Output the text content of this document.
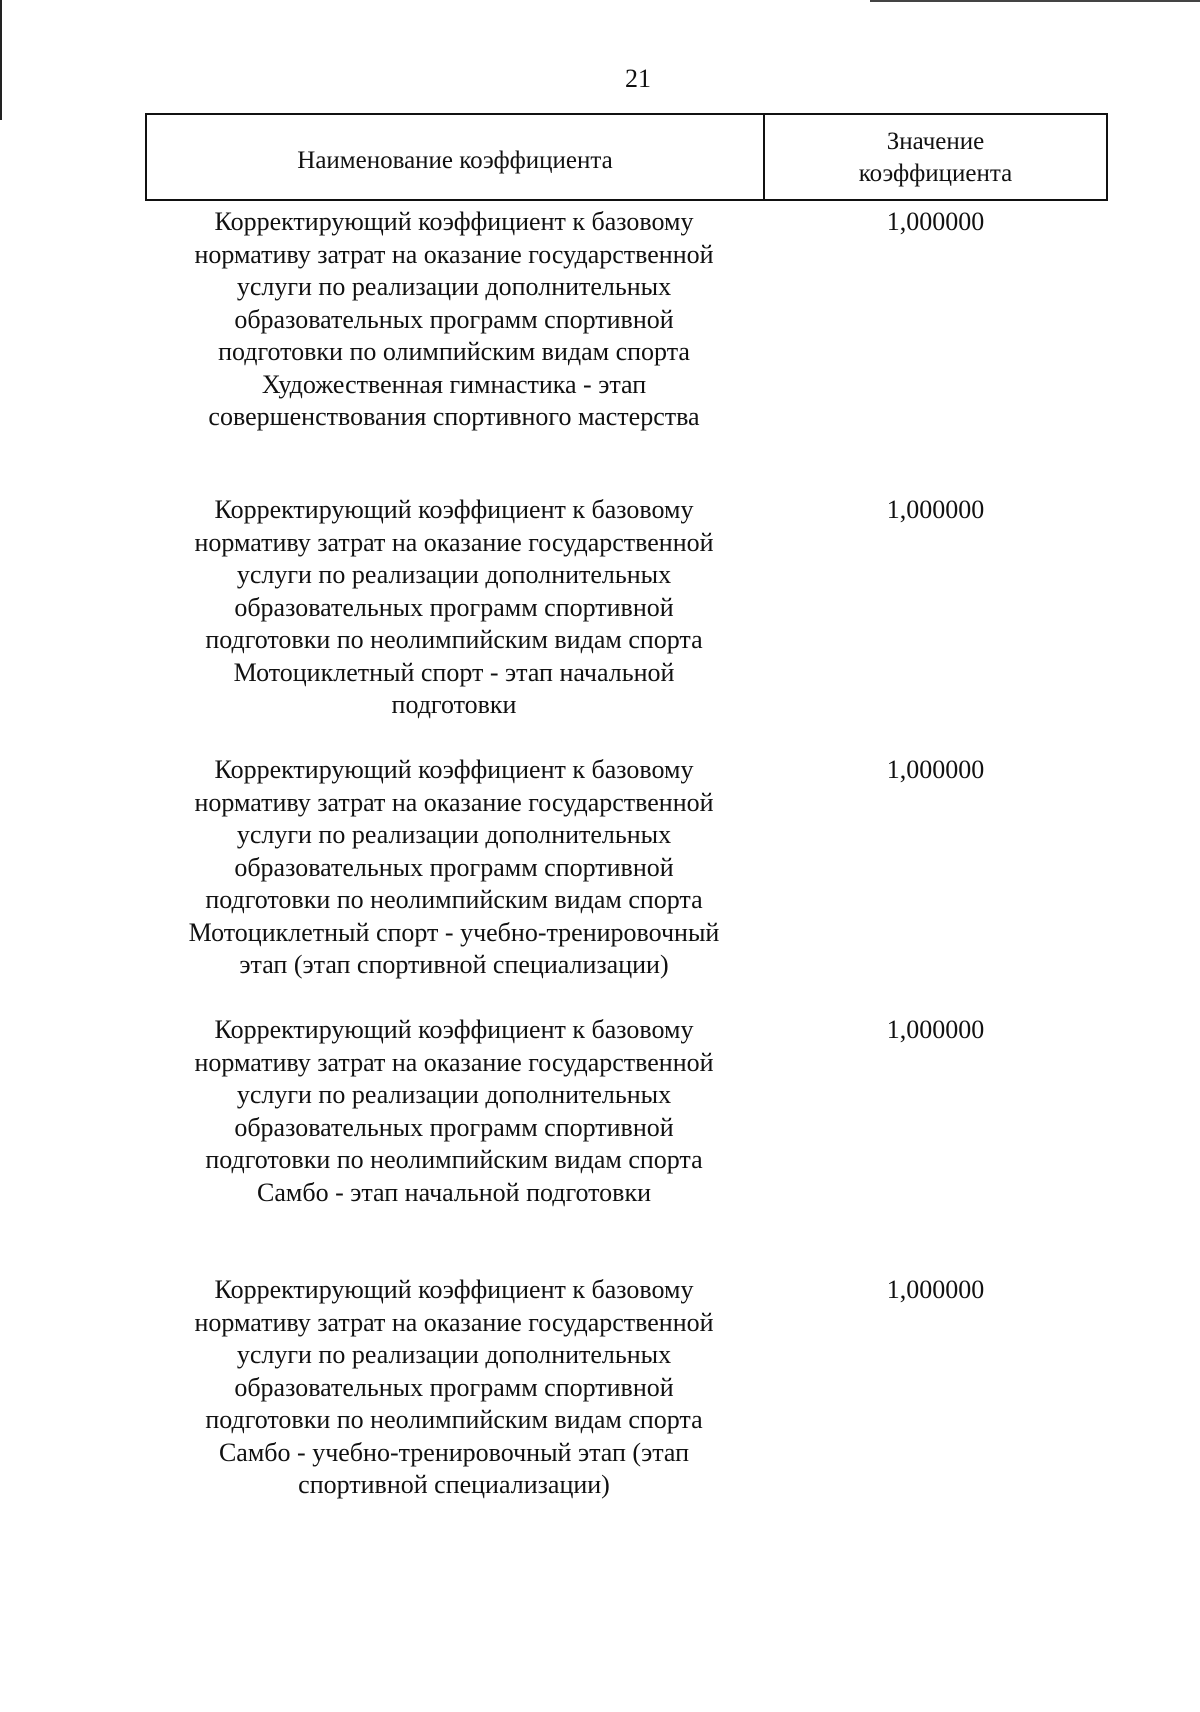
21
Наименование коэффициента
Значение
коэффициента
Корректирующий коэффициент к базовому
нормативу затрат на оказание государственной
услуги по реализации дополнительных
образовательных программ спортивной
подготовки по олимпийским видам спорта
Художественная гимнастика - этап
совершенствования спортивного мастерства
1,000000
Корректирующий коэффициент к базовому
нормативу затрат на оказание государственной
услуги по реализации дополнительных
образовательных программ спортивной
подготовки по неолимпийским видам спорта
Мотоциклетный спорт - этап начальной
подготовки
1,000000
Корректирующий коэффициент к базовому
нормативу затрат на оказание государственной
услуги по реализации дополнительных
образовательных программ спортивной
подготовки по неолимпийским видам спорта
Мотоциклетный спорт - учебно-тренировочный
этап (этап спортивной специализации)
1,000000
Корректирующий коэффициент к базовому
нормативу затрат на оказание государственной
услуги по реализации дополнительных
образовательных программ спортивной
подготовки по неолимпийским видам спорта
Самбо - этап начальной подготовки
1,000000
Корректирующий коэффициент к базовому
нормативу затрат на оказание государственной
услуги по реализации дополнительных
образовательных программ спортивной
подготовки по неолимпийским видам спорта
Самбо - учебно-тренировочный этап (этап
спортивной специализации)
1,000000
